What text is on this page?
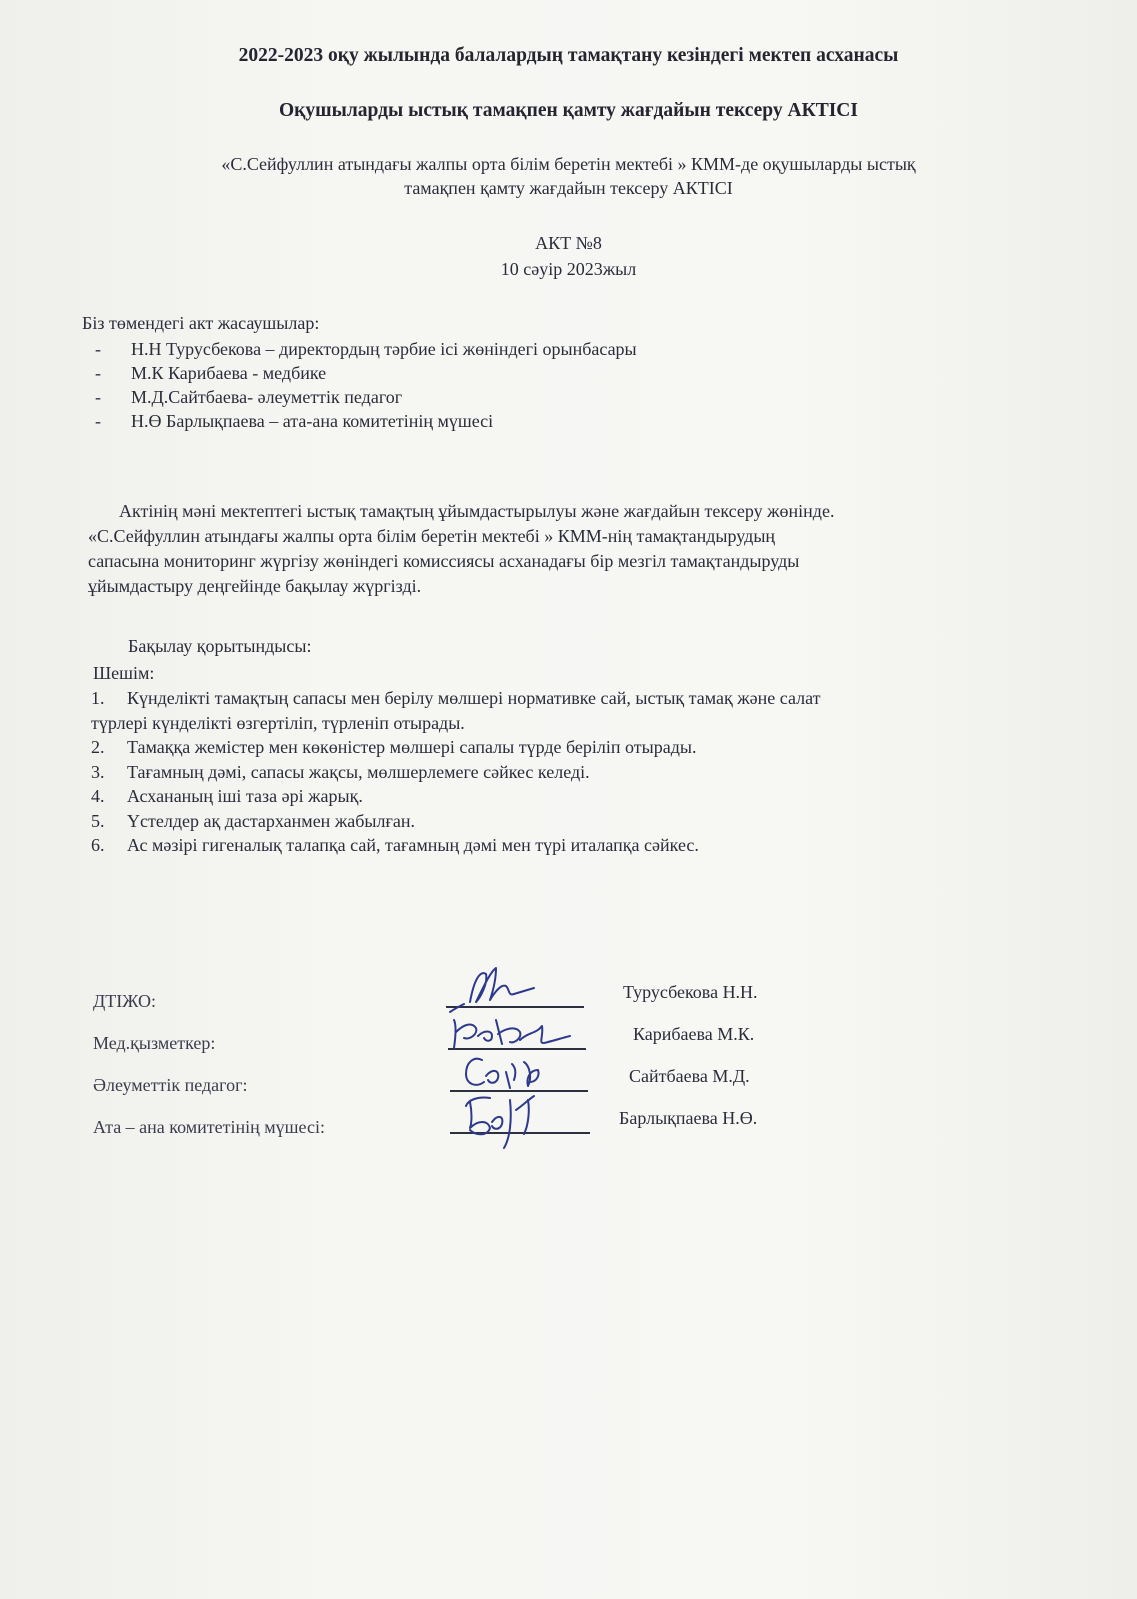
2022-2023 оқу жылында балалардың тамақтану кезіндегі мектеп асханасы
Оқушыларды ыстық тамақпен қамту жағдайын тексеру АКТІСІ
«С.Сейфуллин атындағы жалпы орта білім беретін мектебі » КММ-де оқушыларды ыстық
тамақпен қамту жағдайын тексеру АКТІСІ
АКТ №8
10 сәуір 2023жыл
Біз төмендегі акт жасаушылар:
- Н.Н Турусбекова – директордың тәрбие ісі жөніндегі орынбасары
- М.К Карибаева - медбике
- М.Д.Сайтбаева- әлеуметтік педагог
- Н.Ө Барлықпаева – ата-ана комитетінің мүшесі
Актінің мәні мектептегі ыстық тамақтың ұйымдастырылуы және жағдайын тексеру жөнінде.
«С.Сейфуллин атындағы жалпы орта білім беретін мектебі » КММ-нің тамақтандырудың
сапасына мониторинг жүргізу жөніндегі комиссиясы асханадағы бір мезгіл тамақтандыруды
ұйымдастыру деңгейінде бақылау жүргізді.
Бақылау қорытындысы:
Шешім:
1. Күнделікті тамақтың сапасы мен берілу мөлшері нормативке сай, ыстық тамақ және салат
түрлері күнделікті өзгертіліп, түрленіп отырады.
2. Тамаққа жемістер мен көкөністер мөлшері сапалы түрде беріліп отырады.
3. Тағамның дәмі, сапасы жақсы, мөлшерлемеге сәйкес келеді.
4. Асхананың іші таза әрі жарық.
5. Үстелдер ақ дастарханмен жабылған.
6. Ас мәзірі гигеналық талапқа сай, тағамның дәмі мен түрі италапқа сәйкес.
ДТІЖО:
Мед.қызметкер:
Әлеуметтік педагог:
Ата – ана комитетінің мүшесі:
Турусбекова Н.Н.
Карибаева М.К.
Сайтбаева М.Д.
Барлықпаева Н.Ө.
